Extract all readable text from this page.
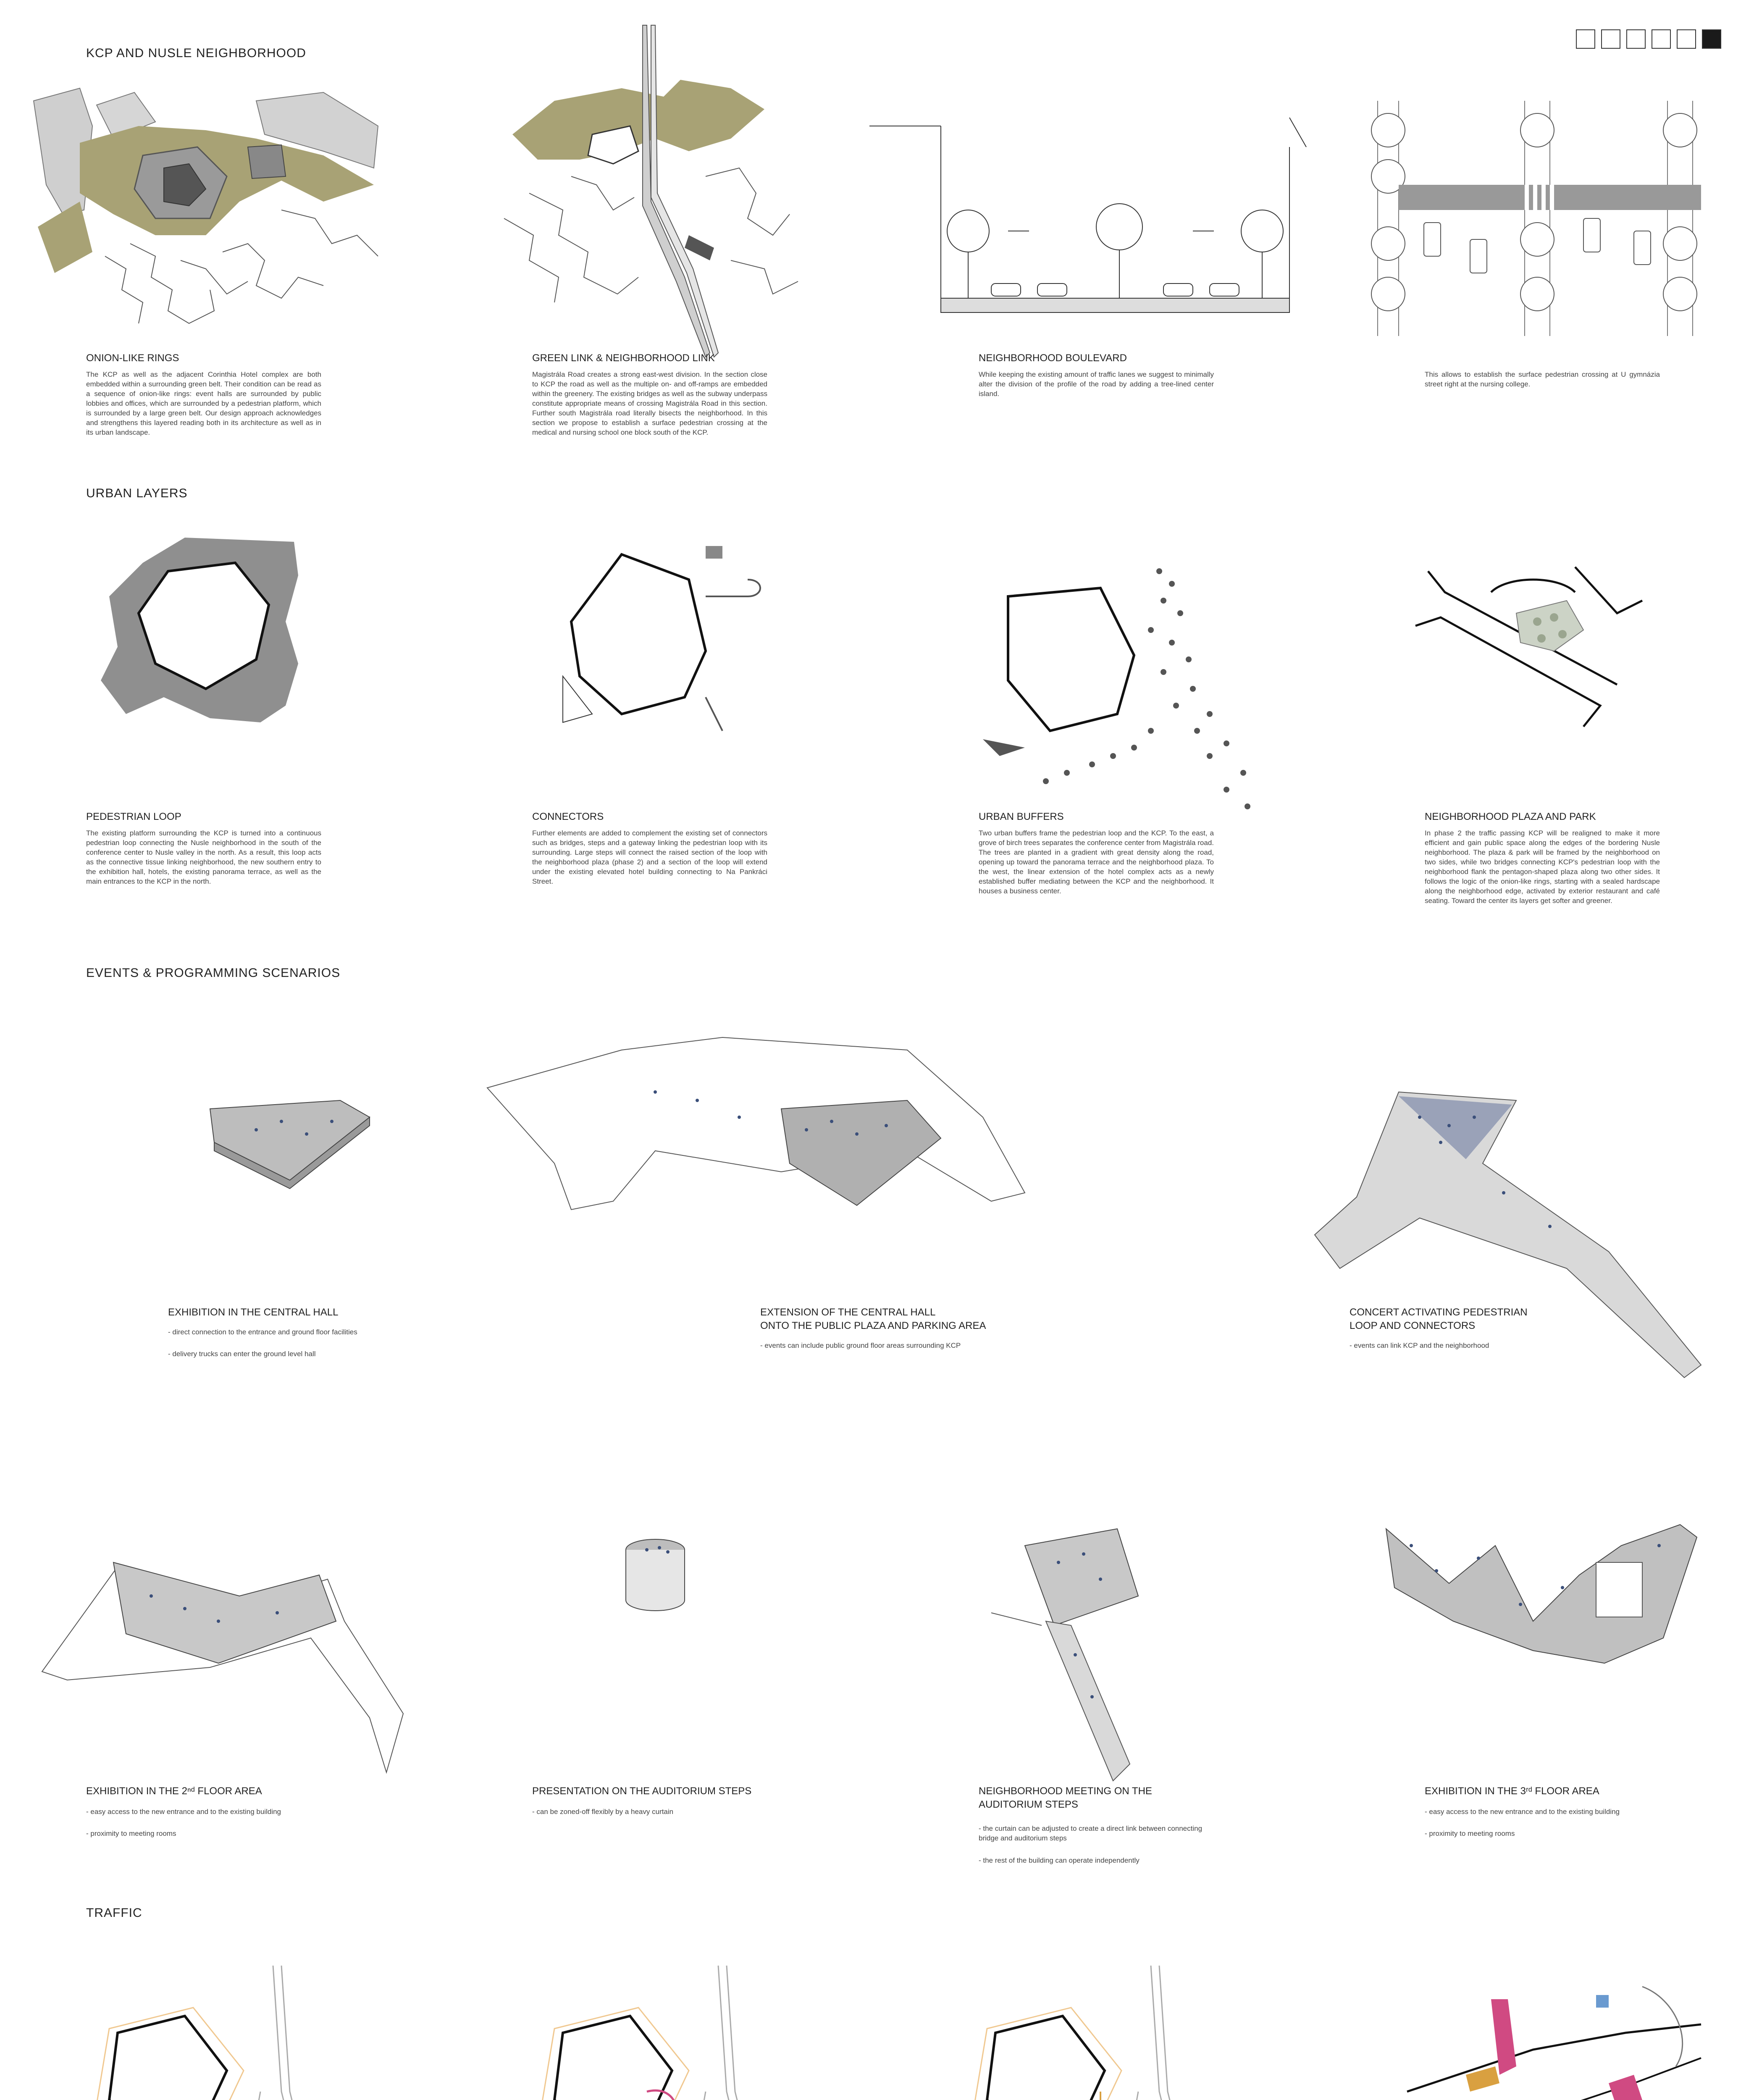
KCP AND NUSLE NEIGHBORHOOD
ONION-LIKE RINGS
The KCP as well as the adjacent Corinthia Hotel complex are both embedded within a surrounding green belt. Their condition can be read as a sequence of onion-like rings: event halls are surrounded by public lobbies and offices, which are surrounded by a pedestrian platform, which is surrounded by a large green belt. Our design approach acknowledges and strengthens this layered reading both in its architecture as well as in its urban landscape.
GREEN LINK & NEIGHBORHOOD LINK
Magistrála Road creates a strong east-west division. In the section close to KCP the road as well as the multiple on- and off-ramps are embedded within the greenery. The existing bridges as well as the subway underpass constitute appropriate means of crossing Magistrála Road in this section. Further south Magistrála road literally bisects the neighborhood. In this section we propose to establish a surface pedestrian crossing at the medical and nursing school one block south of the KCP.
NEIGHBORHOOD BOULEVARD
While keeping the existing amount of traffic lanes we suggest to minimally alter the division of the profile of the road by adding a tree-lined center island.
This allows to establish the surface pedestrian crossing at U gymnázia street right at the nursing college.
URBAN LAYERS
PEDESTRIAN LOOP
The existing platform surrounding the KCP is turned into a continuous pedestrian loop connecting the Nusle neighborhood in the south of the conference center to Nusle valley in the north. As a result, this loop acts as the connective tissue linking neighborhood, the new southern entry to the exhibition hall, hotels, the existing panorama terrace, as well as the main entrances to the KCP in the north.
CONNECTORS
Further elements are added to complement the existing set of connectors such as bridges, steps and a gateway linking the pedestrian loop with its surrounding. Large steps will connect the raised section of the loop with the neighborhood plaza (phase 2) and a section of the loop will extend under the existing elevated hotel building connecting to Na Pankráci Street.
URBAN BUFFERS
Two urban buffers frame the pedestrian loop and the KCP. To the east, a grove of birch trees separates the conference center from Magistrála road. The trees are planted in a gradient with great density along the road, opening up toward the panorama terrace and the neighborhood plaza. To the west, the linear extension of the hotel complex acts as a newly established buffer mediating between the KCP and the neighborhood. It houses a business center.
NEIGHBORHOOD PLAZA AND PARK
In phase 2 the traffic passing KCP will be realigned to make it more efficient and gain public space along the edges of the bordering Nusle neighborhood. The plaza & park will be framed by the neighborhood on two sides, while two bridges connecting KCP's pedestrian loop with the neighborhood flank the pentagon-shaped plaza along two other sides. It follows the logic of the onion-like rings, starting with a sealed hardscape along the neighborhood edge, activated by exterior restaurant and café seating. Toward the center its layers get softer and greener.
EVENTS & PROGRAMMING SCENARIOS
EXHIBITION IN THE CENTRAL HALL
- direct connection to the entrance and ground floor facilities
- delivery trucks can enter the ground level hall
EXTENSION OF THE CENTRAL HALL
ONTO THE PUBLIC PLAZA AND PARKING AREA
- events can include public ground floor areas surrounding KCP
CONCERT ACTIVATING PEDESTRIAN
LOOP AND CONNECTORS
- events can link KCP and the neighborhood
EXHIBITION IN THE 2ⁿᵈ FLOOR AREA
- easy access to the new entrance and to the existing building
- proximity to meeting rooms
PRESENTATION ON THE AUDITORIUM STEPS
- can be zoned-off flexibly by a heavy curtain
NEIGHBORHOOD MEETING ON THE
AUDITORIUM STEPS
- the curtain can be adjusted to create a direct link between connecting bridge and auditorium steps
- the rest of the building can operate independently
EXHIBITION IN THE 3ʳᵈ FLOOR AREA
- easy access to the new entrance and to the existing building
- proximity to meeting rooms
TRAFFIC
